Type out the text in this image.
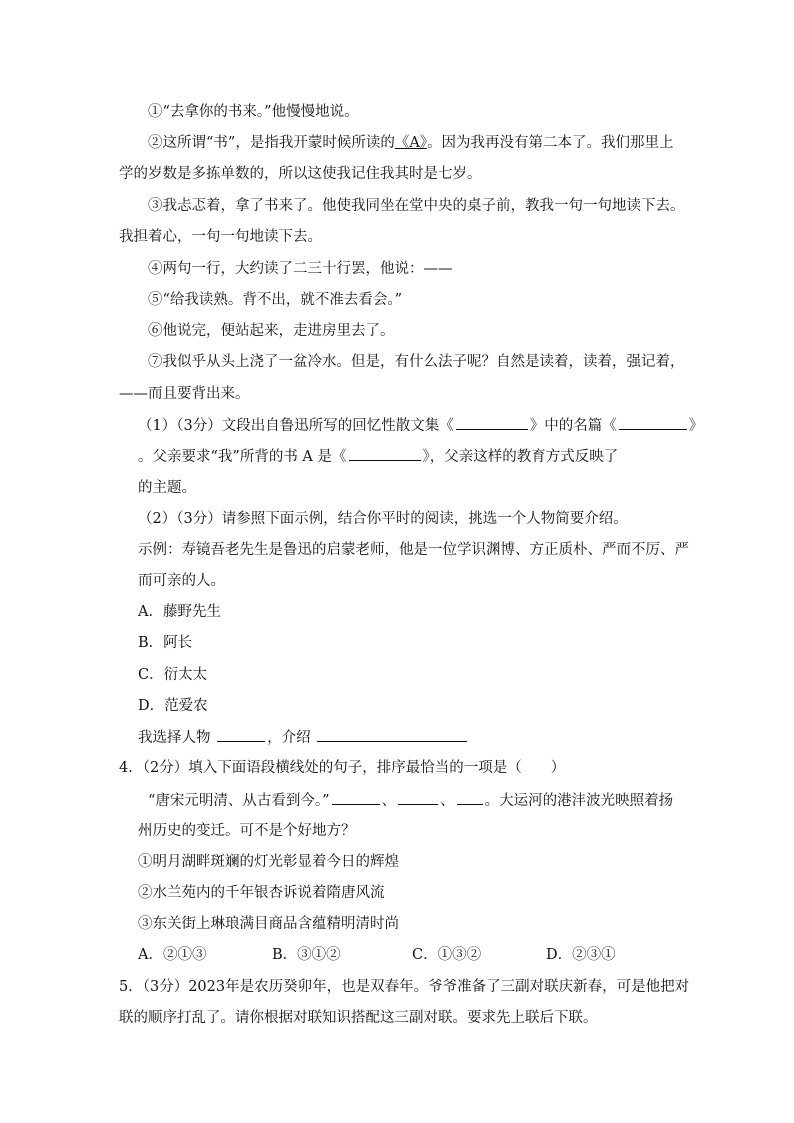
①“去拿你的书来。”他慢慢地说。
②这所谓“书”，是指我开蒙时候所读的《A》。因为我再没有第二本了。我们那里上
学的岁数是多拣单数的，所以这使我记住我其时是七岁。
③我忐忑着，拿了书来了。他使我同坐在堂中央的桌子前，教我一句一句地读下去。
我担着心，一句一句地读下去。
④两句一行，大约读了二三十行罢，他说：——
⑤“给我读熟。背不出，就不准去看会。”
⑥他说完，便站起来，走进房里去了。
⑦我似乎从头上浇了一盆冷水。但是，有什么法子呢？自然是读着，读着，强记着，
——而且要背出来。
（1）（3分）文段出自鲁迅所写的回忆性散文集《	》中的名篇《	》
。父亲要求“我”所背的书 A 是《	》，父亲这样的教育方式反映了
的主题。
（2）（3分）请参照下面示例，结合你平时的阅读，挑选一个人物简要介绍。
示例：寿镜吾老先生是鲁迅的启蒙老师，他是一位学识渊博、方正质朴、严而不厉、严
而可亲的人。
A．藤野先生
B．阿长
C．衍太太
D．范爱农
我选择人物	，介绍
4．（2分）填入下面语段横线处的句子，排序最恰当的一项是（　　）
“唐宋元明清、从古看到今。”	、	、 。大运河的港沣波光映照着扬
州历史的变迁。可不是个好地方？
①明月湖畔斑斓的灯光彰显着今日的辉煌
②水兰苑内的千年银杏诉说着隋唐风流
③东关街上琳琅满目商品含蕴精明清时尚
A．②①③	B．③①②	C．①③②	D．②③①
5．（3分）2023年是农历癸卯年，也是双春年。爷爷准备了三副对联庆新春，可是他把对
联的顺序打乱了。请你根据对联知识搭配这三副对联。要求先上联后下联。
